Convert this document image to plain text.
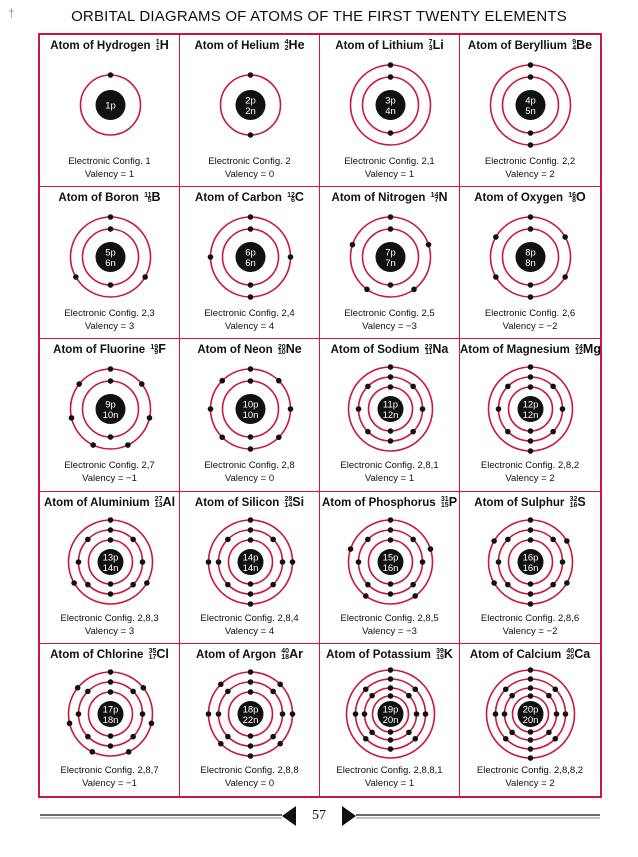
†	ORBITAL DIAGRAMS OF ATOMS OF THE FIRST TWENTY ELEMENTS
Atom of Hydrogen 1
1 H
1p
Electronic Config. 1
Valency = 1
Atom of Helium 4
2 He
2p
2n
Electronic Config. 2
Valency = 0
Atom of Lithium 7
3 Li
3p
4n
Electronic Config. 2,1
Valency = 1
Atom of Beryllium 9
4 Be
4p
5n
Electronic Config. 2,2
Valency = 2
Atom of Boron 11
5 B
5p
6n
Electronic Config. 2,3
Valency = 3
Atom of Carbon 12
6 C
6p
6n
Electronic Config. 2,4
Valency = 4
Atom of Nitrogen 14
7 N
7p
7n
Electronic Config. 2,5
Valency = −3
Atom of Oxygen 16
8 O
8p
8n
Electronic Config. 2,6
Valency = −2
Atom of Fluorine 19
9 F
9p
10n
Electronic Config. 2,7
Valency = −1
Atom of Neon 20
10 Ne
10p
10n
Electronic Config. 2,8
Valency = 0
Atom of Sodium 23
11 Na
11p
12n
Electronic Config. 2,8,1
Valency = 1
Atom of Magnesium 24
12 Mg
12p
12n
Electronic Config. 2,8,2
Valency = 2
Atom of Aluminium 27
13 Al
13p
14n
Electronic Config. 2,8,3
Valency = 3
Atom of Silicon 28
14 Si
14p
14n
Electronic Config. 2,8,4
Valency = 4
Atom of Phosphorus 31
15 P
15p
16n
Electronic Config. 2,8,5
Valency = −3
Atom of Sulphur 32
16 S
16p
16n
Electronic Config. 2,8,6
Valency = −2
Atom of Chlorine 35
17 Cl
17p
18n
Electronic Config. 2,8,7
Valency = −1
Atom of Argon 40
18 Ar
18p
22n
Electronic Config. 2,8,8
Valency = 0
Atom of Potassium 39
19 K
19p
20n
Electronic Config. 2,8,8,1
Valency = 1
Atom of Calcium 40
20 Ca
20p
20n
Electronic Config. 2,8,8,2
Valency = 2
57
